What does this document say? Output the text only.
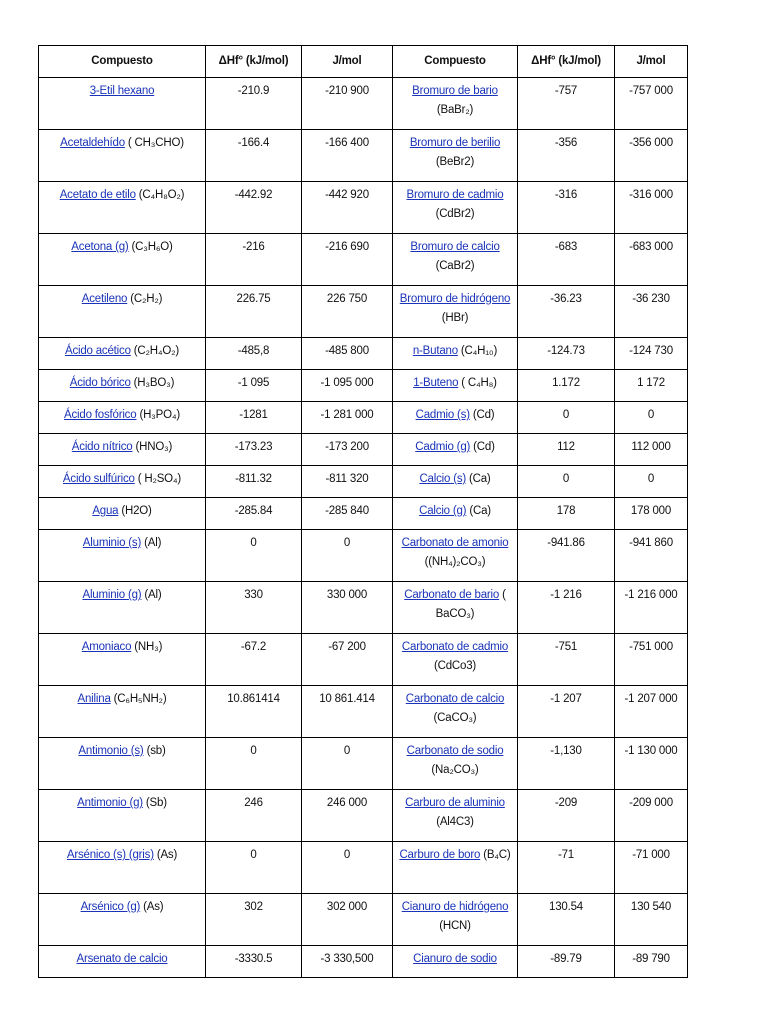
Compuesto	ΔHf° (kJ/mol)	J/mol	Compuesto	ΔHf° (kJ/mol)	J/mol
3-Etil hexano	-210.9	-210 900	Bromuro de bario (BaBr₂)	-757	-757 000
Acetaldehído ( CH₃CHO)	-166.4	-166 400	Bromuro de berilio (BeBr2)	-356	-356 000
Acetato de etilo (C₄H₈O₂)	-442.92	-442 920	Bromuro de cadmio (CdBr2)	-316	-316 000
Acetona (g) (C₃H₆O)	-216	-216 690	Bromuro de calcio (CaBr2)	-683	-683 000
Acetileno (C₂H₂)	226.75	226 750	Bromuro de hidrógeno (HBr)	-36.23	-36 230
Ácido acético (C₂H₄O₂)	-485,8	-485 800	n-Butano (C₄H₁₀)	-124.73	-124 730
Ácido bórico (H₃BO₃)	-1 095	-1 095 000	1-Buteno ( C₄H₈)	1.172	1 172
Ácido fosfórico (H₃PO₄)	-1281	-1 281 000	Cadmio (s) (Cd)	0	0
Ácido nítrico (HNO₃)	-173.23	-173 200	Cadmio (g) (Cd)	112	112 000
Ácido sulfúrico ( H₂SO₄)	-811.32	-811 320	Calcio (s) (Ca)	0	0
Agua (H2O)	-285.84	-285 840	Calcio (g) (Ca)	178	178 000
Aluminio (s) (Al)	0	0	Carbonato de amonio ((NH₄)₂CO₃)	-941.86	-941 860
Aluminio (g) (Al)	330	330 000	Carbonato de bario ( BaCO₃)	-1 216	-1 216 000
Amoniaco (NH₃)	-67.2	-67 200	Carbonato de cadmio (CdCo3)	-751	-751 000
Anilina (C₆H₅NH₂)	10.861414	10 861.414	Carbonato de calcio (CaCO₃)	-1 207	-1 207 000
Antimonio (s) (sb)	0	0	Carbonato de sodio (Na₂CO₃)	-1,130	-1 130 000
Antimonio (g) (Sb)	246	246 000	Carburo de aluminio (Al4C3)	-209	-209 000
Arsénico (s) (gris) (As)	0	0	Carburo de boro (B₄C)	-71	-71 000
Arsénico (g) (As)	302	302 000	Cianuro de hidrógeno (HCN)	130.54	130 540
Arsenato de calcio	-3330.5	-3 330,500	Cianuro de sodio	-89.79	-89 790
